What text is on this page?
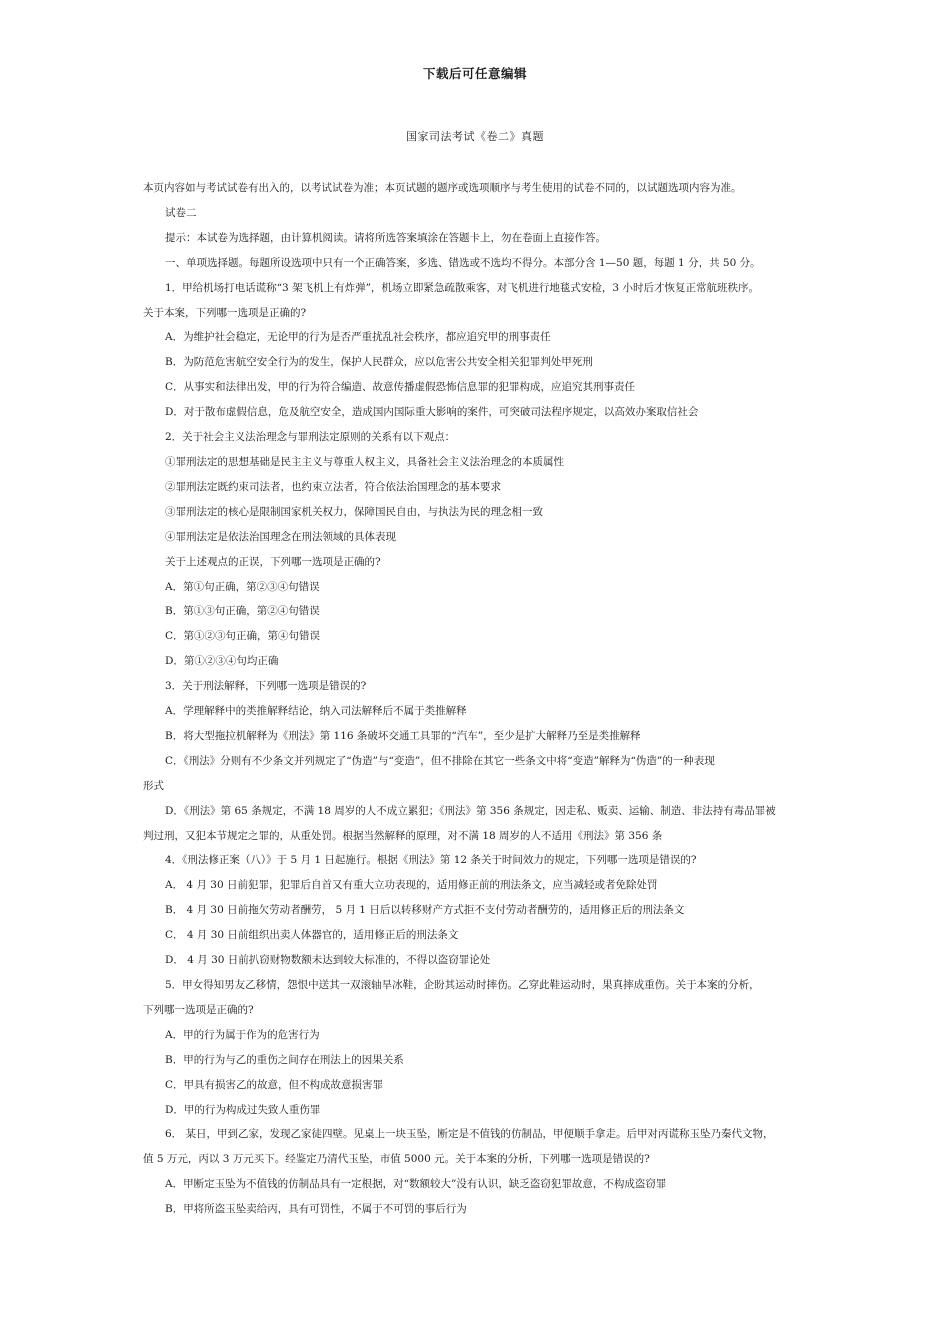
下载后可任意编辑
国家司法考试《卷二》真题
本页内容如与考试试卷有出入的，以考试试卷为准；本页试题的题序或选项顺序与考生使用的试卷不同的，以试题选项内容为准。
试卷二
提示：本试卷为选择题，由计算机阅读。请将所选答案填涂在答题卡上，勿在卷面上直接作答。
一、单项选择题。每题所设选项中只有一个正确答案，多选、错选或不选均不得分。本部分含 1—50 题，每题 1 分，共 50 分。
1．甲给机场打电话谎称“3 架飞机上有炸弹”，机场立即紧急疏散乘客，对飞机进行地毯式安检，3 小时后才恢复正常航班秩序。
关于本案，下列哪一选项是正确的?
A．为维护社会稳定，无论甲的行为是否严重扰乱社会秩序，都应追究甲的刑事责任
B．为防范危害航空安全行为的发生，保护人民群众，应以危害公共安全相关犯罪判处甲死刑
C．从事实和法律出发，甲的行为符合编造、故意传播虚假恐怖信息罪的犯罪构成，应追究其刑事责任
D．对于散布虚假信息，危及航空安全，造成国内国际重大影响的案件，可突破司法程序规定，以高效办案取信社会
2．关于社会主义法治理念与罪刑法定原则的关系有以下观点：
①罪刑法定的思想基础是民主主义与尊重人权主义，具备社会主义法治理念的本质属性
②罪刑法定既约束司法者，也约束立法者，符合依法治国理念的基本要求
③罪刑法定的核心是限制国家机关权力，保障国民自由，与执法为民的理念相一致
④罪刑法定是依法治国理念在刑法领域的具体表现
关于上述观点的正误，下列哪一选项是正确的?
A．第①句正确，第②③④句错误
B．第①③句正确，第②④句错误
C．第①②③句正确，第④句错误
D．第①②③④句均正确
3．关于刑法解释，下列哪一选项是错误的?
A．学理解释中的类推解释结论，纳入司法解释后不属于类推解释
B．将大型拖拉机解释为《刑法》第 116 条破坏交通工具罪的“汽车”，至少是扩大解释乃至是类推解释
C．《刑法》分则有不少条文并列规定了“伪造”与“变造”，但不排除在其它一些条文中将“变造”解释为“伪造”的一种表现
形式
D．《刑法》第 65 条规定，不满 18 周岁的人不成立累犯；《刑法》第 356 条规定，因走私、贩卖、运输、制造、非法持有毒品罪被
判过刑，又犯本节规定之罪的，从重处罚。根据当然解释的原理，对不满 18 周岁的人不适用《刑法》第 356 条
4．《刑法修正案（八）》于 5 月 1 日起施行。根据《刑法》第 12 条关于时间效力的规定，下列哪一选项是错误的?
A． 4 月 30 日前犯罪，犯罪后自首又有重大立功表现的，适用修正前的刑法条文，应当减轻或者免除处罚
B． 4 月 30 日前拖欠劳动者酬劳， 5 月 1 日后以转移财产方式拒不支付劳动者酬劳的，适用修正后的刑法条文
C． 4 月 30 日前组织出卖人体器官的，适用修正后的刑法条文
D． 4 月 30 日前扒窃财物数额未达到较大标准的，不得以盗窃罪论处
5．甲女得知男友乙移情，怨恨中送其一双滚轴旱冰鞋，企盼其运动时摔伤。乙穿此鞋运动时，果真摔成重伤。关于本案的分析，
下列哪一选项是正确的?
A．甲的行为属于作为的危害行为
B．甲的行为与乙的重伤之间存在刑法上的因果关系
C．甲具有损害乙的故意，但不构成故意损害罪
D．甲的行为构成过失致人重伤罪
6． 某日，甲到乙家，发现乙家徒四壁。见桌上一块玉坠，断定是不值钱的仿制品，甲便顺手拿走。后甲对丙谎称玉坠乃秦代文物，
值 5 万元，丙以 3 万元买下。经鉴定乃清代玉坠，市值 5000 元。关于本案的分析，下列哪一选项是错误的?
A．甲断定玉坠为不值钱的仿制品具有一定根据，对“数额较大”没有认识，缺乏盗窃犯罪故意，不构成盗窃罪
B．甲将所盗玉坠卖给丙，具有可罚性，不属于不可罚的事后行为
